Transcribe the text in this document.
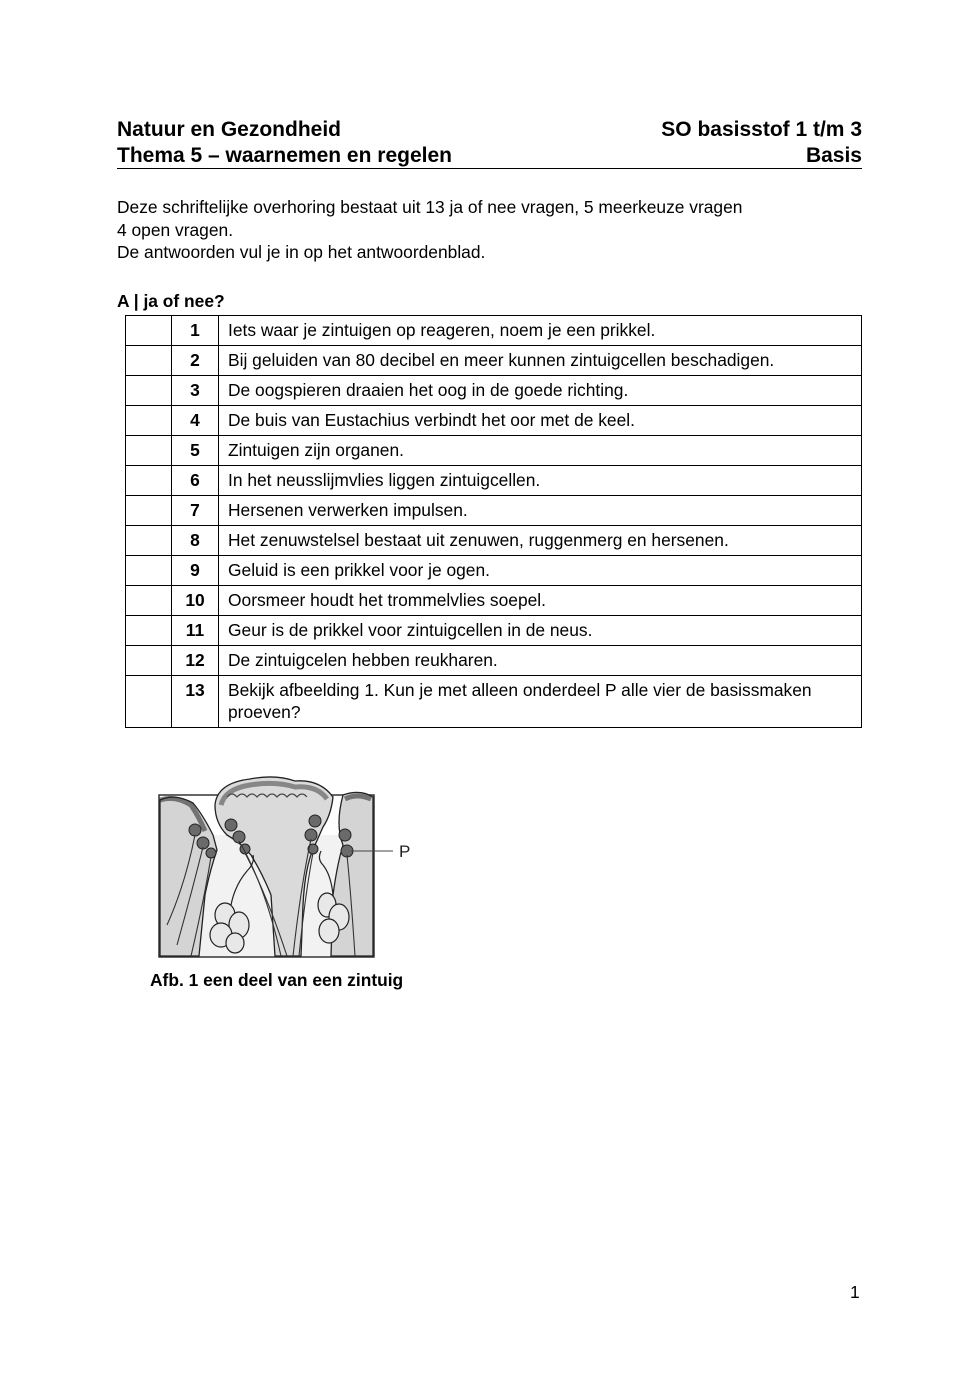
Natuur en Gezondheid	SO basisstof 1 t/m 3
Thema 5 – waarnemen en regelen	Basis

Deze schriftelijke overhoring bestaat uit 13 ja of nee vragen, 5 meerkeuze vragen

4 open vragen.

De antwoorden vul je in op het antwoordenblad.

A | ja of nee?
	1	Iets waar je zintuigen op reageren, noem je een prikkel.
	2	Bij geluiden van 80 decibel en meer kunnen zintuigcellen beschadigen.
	3	De oogspieren draaien het oog in de goede richting.
	4	De buis van Eustachius verbindt het oor met de keel.
	5	Zintuigen zijn organen.
	6	In het neusslijmvlies liggen zintuigcellen.
	7	Hersenen verwerken impulsen.
	8	Het zenuwstelsel bestaat uit zenuwen, ruggenmerg en hersenen.
	9	Geluid is een prikkel voor je ogen.
	10	Oorsmeer houdt het trommelvlies soepel.
	11	Geur is de prikkel voor zintuigcellen in de neus.
	12	De zintuigcelen hebben reukharen.
	13	Bekijk afbeelding 1. Kun je met alleen onderdeel P alle vier de basissmaken proeven?
P
Afb. 1 een deel van een zintuig
1
